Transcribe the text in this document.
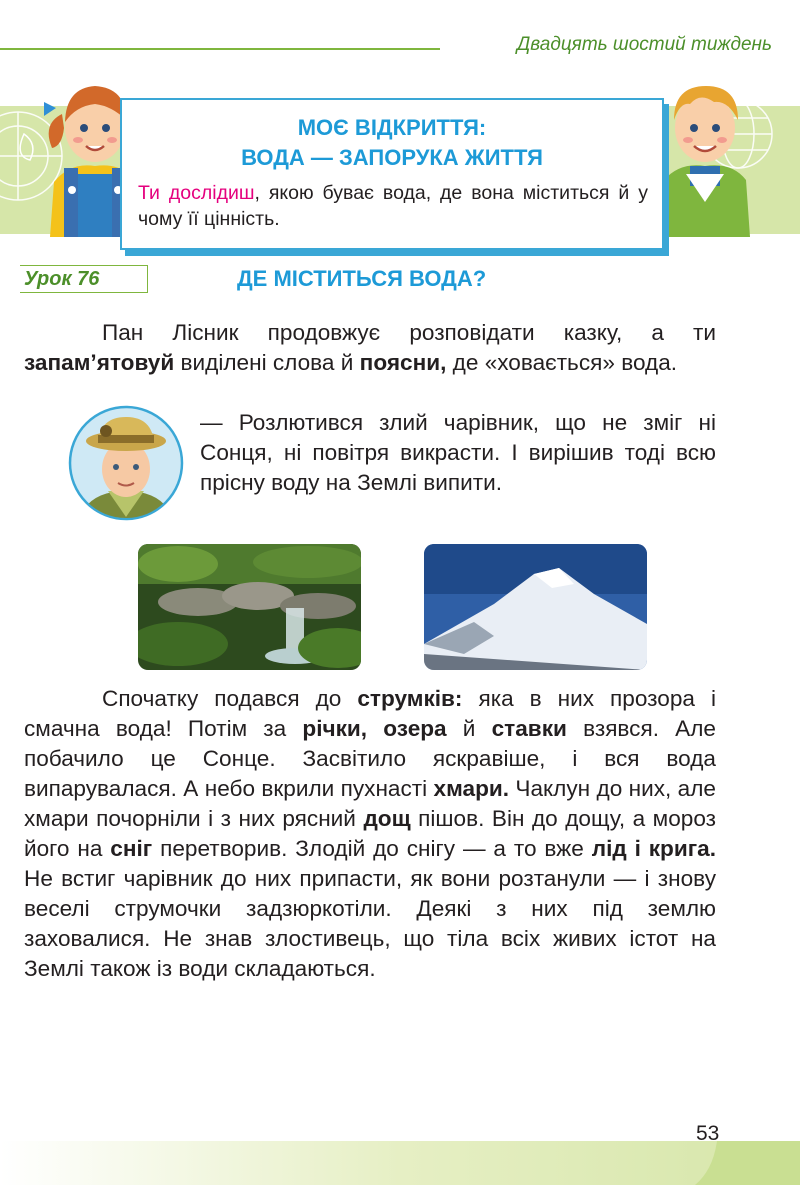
Двадцять шостий тиждень
МОЄ ВІДКРИТТЯ:
ВОДА — ЗАПОРУКА ЖИТТЯ
Ти дослідиш, якою буває вода, де вона міститься й у чому її цінність.
Урок 76	ДЕ МІСТИТЬСЯ ВОДА?
Пан Лісник продовжує розповідати казку, а ти запам’ятовуй виділені слова й поясни, де «ховається» вода.
— Розлютився злий чарівник, що не зміг ні Сонця, ні повітря викрасти. І вирішив тоді всю прісну воду на Землі випити.
Спочатку подався до струмків: яка в них прозора і смачна вода! Потім за річки, озера й ставки взявся. Але побачило це Сонце. Засвітило яскравіше, і вся вода випарувалася. А небо вкрили пухнасті хмари. Чаклун до них, але хмари почорніли і з них рясний дощ пішов. Він до дощу, а мороз його на сніг перетворив. Злодій до снігу — а то вже лід і крига. Не встиг чарівник до них припасти, як вони розтанули — і знову веселі струмочки задзюркотіли. Деякі з них під землю заховалися. Не знав злостивець, що тіла всіх живих істот на Землі також із води складаються.
53
